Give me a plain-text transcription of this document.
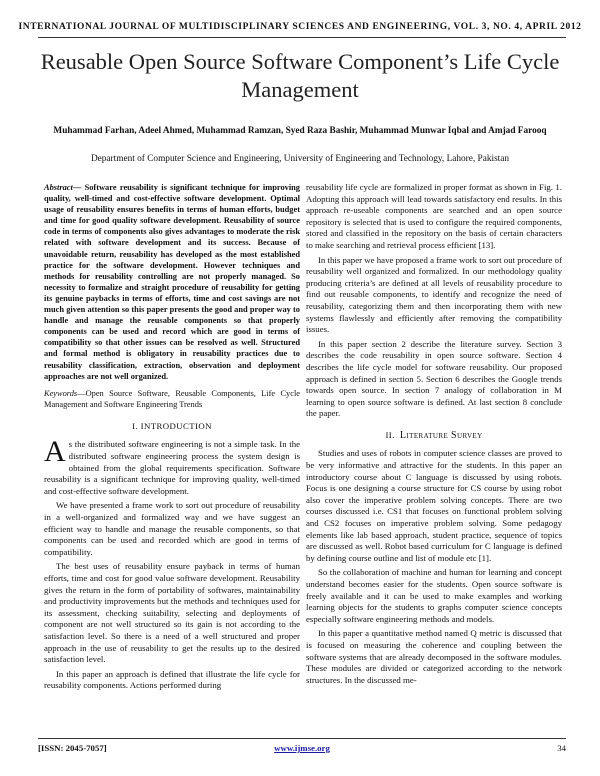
INTERNATIONAL JOURNAL OF MULTIDISCIPLINARY SCIENCES AND ENGINEERING, VOL. 3, NO. 4, APRIL 2012
Reusable Open Source Software Component’s Life Cycle Management
Muhammad Farhan, Adeel Ahmed, Muhammad Ramzan, Syed Raza Bashir, Muhammad Munwar Iqbal and Amjad Farooq
Department of Computer Science and Engineering, University of Engineering and Technology, Lahore, Pakistan

Abstract— Software reusability is significant technique for improving quality, well-timed and cost-effective software development. Optimal usage of reusability ensures benefits in terms of human efforts, budget and time for good quality software development. Reusability of source code in terms of components also gives advantages to moderate the risk related with software development and its success. Because of unavoidable return, reusability has developed as the most established practice for the software development. However techniques and methods for reusability controlling are not properly managed. So necessity to formalize and straight procedure of reusability for getting its genuine paybacks in terms of efforts, time and cost savings are not much given attention so this paper presents the good and proper way to handle and manage the reusable components so that properly components can be used and record which are good in terms of compatibility so that other issues can be resolved as well. Structured and formal method is obligatory in reusability practices due to reusability classification, extraction, observation and deployment approaches are not well organized.

Keywords—Open Source Software, Reusable Components, Life Cycle Management and Software Engineering Trends

I. INTRODUCTION

As the distributed software engineering is not a simple task. In the distributed software engineering process the system design is obtained from the global requirements specification. Software reusability is a significant technique for improving quality, well-timed and cost-effective software development.

We have presented a frame work to sort out procedure of reusability in a well-organized and formalized way and we have suggest an efficient way to handle and manage the reusable components, so that components can be used and recorded which are good in terms of compatibility.

The best uses of reusability ensure payback in terms of human efforts, time and cost for good value software development. Reusability gives the return in the form of portability of softwares, maintainability and productivity improvements but the methods and techniques used for its assessment, checking suitability, selecting and deployments of component are not well structured so its gain is not according to the satisfaction level. So there is a need of a well structured and proper approach in the use of reusability to get the results up to the desired satisfaction level.

In this paper an approach is defined that illustrate the life cycle for reusability components. Actions performed during

reusability life cycle are formalized in proper format as shown in Fig. 1. Adopting this approach will lead towards satisfactory end results. In this approach re-useable components are searched and an open source repository is selected that is used to configure the required components, stored and classified in the repository on the basis of certain characters to make searching and retrieval process efficient [13].

In this paper we have proposed a frame work to sort out procedure of reusability well organized and formalized. In our methodology quality producing criteria’s are defined at all levels of reusability procedure to find out reusable components, to identify and recognize the need of reusability, categorizing them and then incorporating them with new systems flawlessly and efficiently after removing the compatibility issues.

In this paper section 2 describe the literature survey. Section 3 describes the code reusability in open source software. Section 4 describes the life cycle model for software reusability. Our proposed approach is defined in section 5. Section 6 describes the Google trends towards open source. In section 7 analogy of collaboration in M learning to open source software is defined. At last section 8 conclude the paper.

II. Literature Survey

Studies and uses of robots in computer science classes are proved to be very informative and attractive for the students. In this paper an introductory course about C language is discussed by using robots. Focus is one designing a course structure for CS course by using robot also cover the imperative problem solving concepts. There are two courses discussed i.e. CS1 that focuses on functional problem solving and CS2 focuses on imperative problem solving. Some pedagogy elements like lab based approach, student practice, sequence of topics are discussed as well. Robot based curriculum for C language is defined by defining course outline and list of module etc [1].

So the collaboration of machine and human for learning and concept understand becomes easier for the students. Open source software is freely available and it can be used to make examples and working learning objects for the students to graphs computer science concepts especially software engineering methods and models.

In this paper a quantitative method named Q metric is discussed that is focused on measuring the coherence and coupling between the software systems that are already decomposed in the software modules. These modules are divided or categorized according to the network structures. In the discussed me-

[ISSN: 2045-7057]	www.ijmse.org	34
